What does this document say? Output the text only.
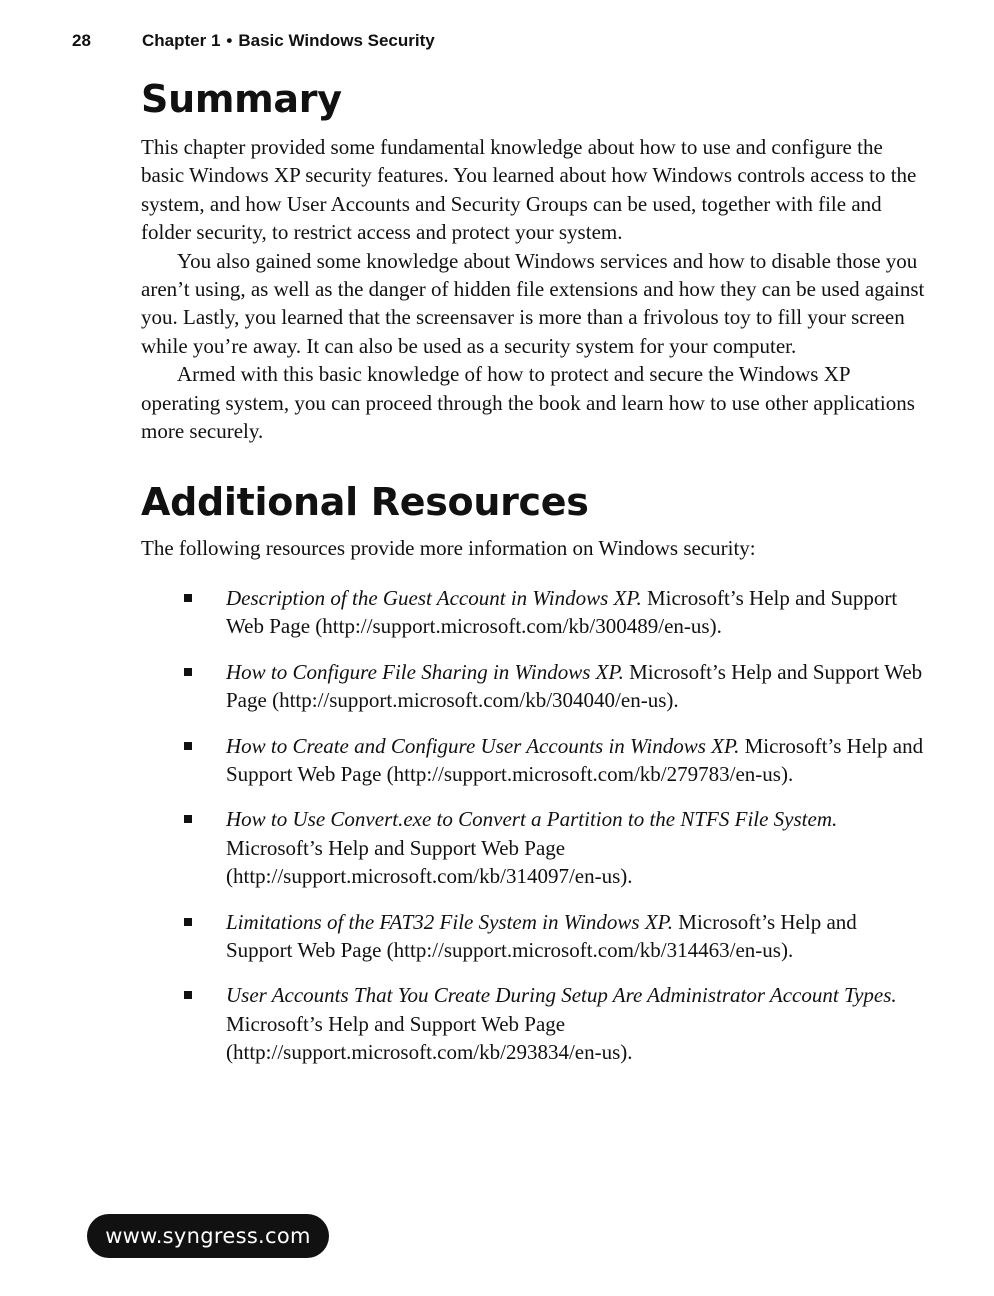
28	Chapter 1 • Basic Windows Security
Summary

This chapter provided some fundamental knowledge about how to use and configure the basic Windows XP security features. You learned about how Windows controls access to the system, and how User Accounts and Security Groups can be used, together with file and folder security, to restrict access and protect your system.

You also gained some knowledge about Windows services and how to disable those you aren’t using, as well as the danger of hidden file extensions and how they can be used against you. Lastly, you learned that the screensaver is more than a frivolous toy to fill your screen while you’re away. It can also be used as a security system for your computer.

Armed with this basic knowledge of how to protect and secure the Windows XP operating system, you can proceed through the book and learn how to use other applications more securely.

Additional Resources

The following resources provide more information on Windows security:

Description of the Guest Account in Windows XP. Microsoft’s Help and Support Web Page (http://support.microsoft.com/kb/300489/en-us).
How to Configure File Sharing in Windows XP. Microsoft’s Help and Support Web Page (http://support.microsoft.com/kb/304040/en-us).
How to Create and Configure User Accounts in Windows XP. Microsoft’s Help and Support Web Page (http://support.microsoft.com/kb/279783/en-us).
How to Use Convert.exe to Convert a Partition to the NTFS File System. Microsoft’s Help and Support Web Page (http://support.microsoft.com/kb/314097/en-us).
Limitations of the FAT32 File System in Windows XP. Microsoft’s Help and Support Web Page (http://support.microsoft.com/kb/314463/en-us).
User Accounts That You Create During Setup Are Administrator Account Types. Microsoft’s Help and Support Web Page (http://support.microsoft.com/kb/293834/en-us).
www.syngress.com
